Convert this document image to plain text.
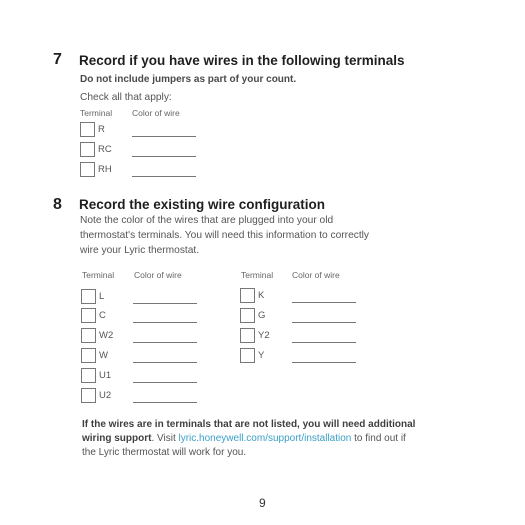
7 Record if you have wires in the following terminals
Do not include jumpers as part of your count.
Check all that apply:
Terminal Color of wire
R
RC
RH
8 Record the existing wire configuration
Note the color of the wires that are plugged into your old
thermostat's terminals. You will need this information to correctly
wire your Lyric thermostat.
Terminal Color of wire	Terminal Color of wire
L
C
W2
W
U1
U2
K
G
Y2
Y
If the wires are in terminals that are not listed, you will need additional
wiring support. Visit lyric.honeywell.com/support/installation to find out if
the Lyric thermostat will work for you.
9
